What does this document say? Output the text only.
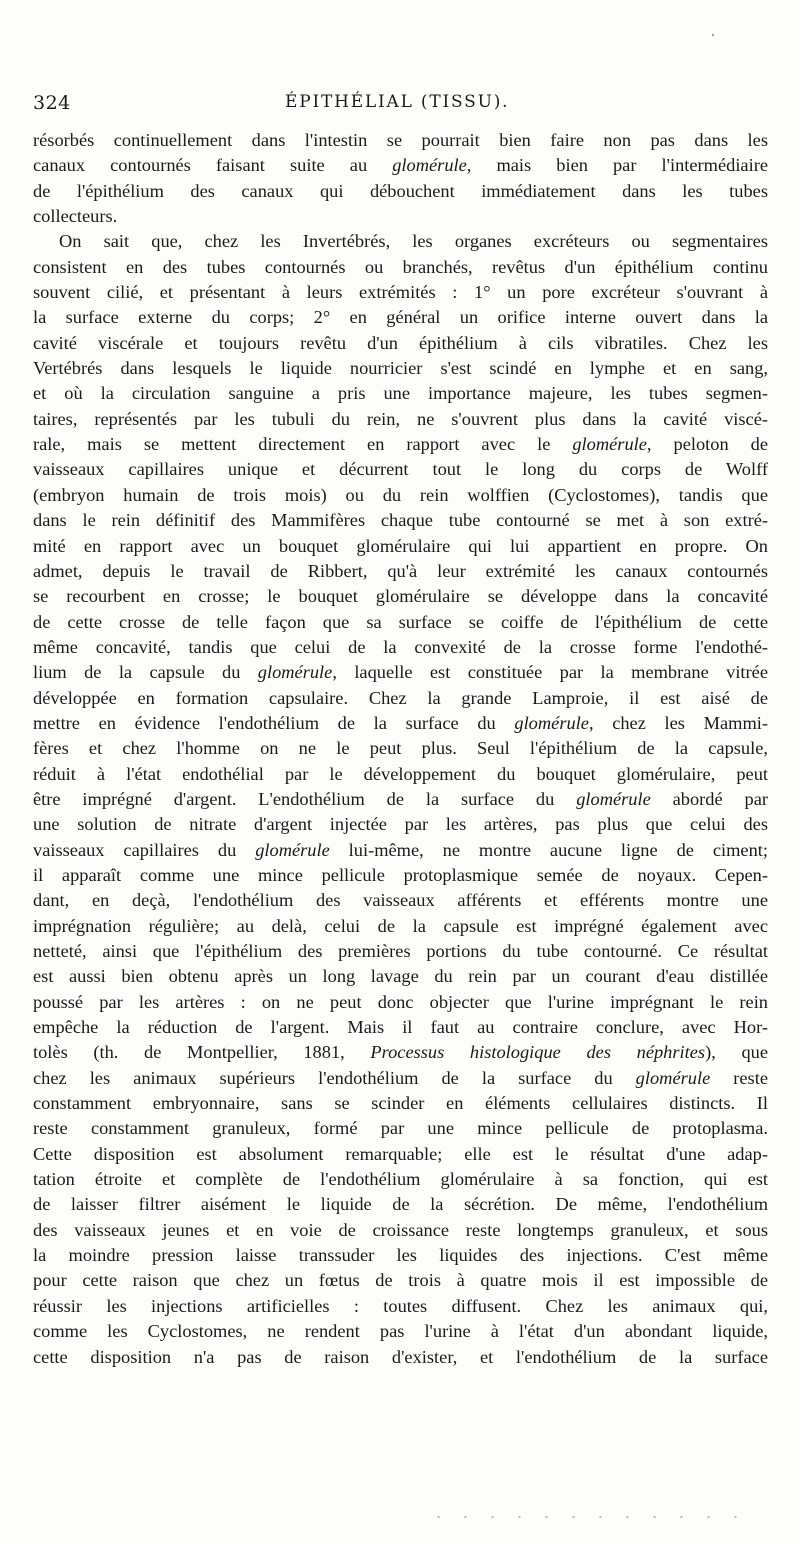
324	ÉPITHÉLIAL (TISSU).
résorbés continuellement dans l'intestin se pourrait bien faire non pas dans les
canaux contournés faisant suite au glomérule, mais bien par l'intermédiaire
de l'épithélium des canaux qui débouchent immédiatement dans les tubes
collecteurs.
On sait que, chez les Invertébrés, les organes excréteurs ou segmentaires
consistent en des tubes contournés ou branchés, revêtus d'un épithélium continu
souvent cilié, et présentant à leurs extrémités : 1° un pore excréteur s'ouvrant à
la surface externe du corps; 2° en général un orifice interne ouvert dans la
cavité viscérale et toujours revêtu d'un épithélium à cils vibratiles. Chez les
Vertébrés dans lesquels le liquide nourricier s'est scindé en lymphe et en sang,
et où la circulation sanguine a pris une importance majeure, les tubes segmen-
taires, représentés par les tubuli du rein, ne s'ouvrent plus dans la cavité viscé-
rale, mais se mettent directement en rapport avec le glomérule, peloton de
vaisseaux capillaires unique et décurrent tout le long du corps de Wolff
(embryon humain de trois mois) ou du rein wolffien (Cyclostomes), tandis que
dans le rein définitif des Mammifères chaque tube contourné se met à son extré-
mité en rapport avec un bouquet glomérulaire qui lui appartient en propre. On
admet, depuis le travail de Ribbert, qu'à leur extrémité les canaux contournés
se recourbent en crosse; le bouquet glomérulaire se développe dans la concavité
de cette crosse de telle façon que sa surface se coiffe de l'épithélium de cette
même concavité, tandis que celui de la convexité de la crosse forme l'endothé-
lium de la capsule du glomérule, laquelle est constituée par la membrane vitrée
développée en formation capsulaire. Chez la grande Lamproie, il est aisé de
mettre en évidence l'endothélium de la surface du glomérule, chez les Mammi-
fères et chez l'homme on ne le peut plus. Seul l'épithélium de la capsule,
réduit à l'état endothélial par le développement du bouquet glomérulaire, peut
être imprégné d'argent. L'endothélium de la surface du glomérule abordé par
une solution de nitrate d'argent injectée par les artères, pas plus que celui des
vaisseaux capillaires du glomérule lui-même, ne montre aucune ligne de ciment;
il apparaît comme une mince pellicule protoplasmique semée de noyaux. Cepen-
dant, en deçà, l'endothélium des vaisseaux afférents et efférents montre une
imprégnation régulière; au delà, celui de la capsule est imprégné également avec
netteté, ainsi que l'épithélium des premières portions du tube contourné. Ce résultat
est aussi bien obtenu après un long lavage du rein par un courant d'eau distillée
poussé par les artères : on ne peut donc objecter que l'urine imprégnant le rein
empêche la réduction de l'argent. Mais il faut au contraire conclure, avec Hor-
tolès (th. de Montpellier, 1881, Processus histologique des néphrites), que
chez les animaux supérieurs l'endothélium de la surface du glomérule reste
constamment embryonnaire, sans se scinder en éléments cellulaires distincts. Il
reste constamment granuleux, formé par une mince pellicule de protoplasma.
Cette disposition est absolument remarquable; elle est le résultat d'une adap-
tation étroite et complète de l'endothélium glomérulaire à sa fonction, qui est
de laisser filtrer aisément le liquide de la sécrétion. De même, l'endothélium
des vaisseaux jeunes et en voie de croissance reste longtemps granuleux, et sous
la moindre pression laisse transsuder les liquides des injections. C'est même
pour cette raison que chez un fœtus de trois à quatre mois il est impossible de
réussir les injections artificielles : toutes diffusent. Chez les animaux qui,
comme les Cyclostomes, ne rendent pas l'urine à l'état d'un abondant liquide,
cette disposition n'a pas de raison d'exister, et l'endothélium de la surface
